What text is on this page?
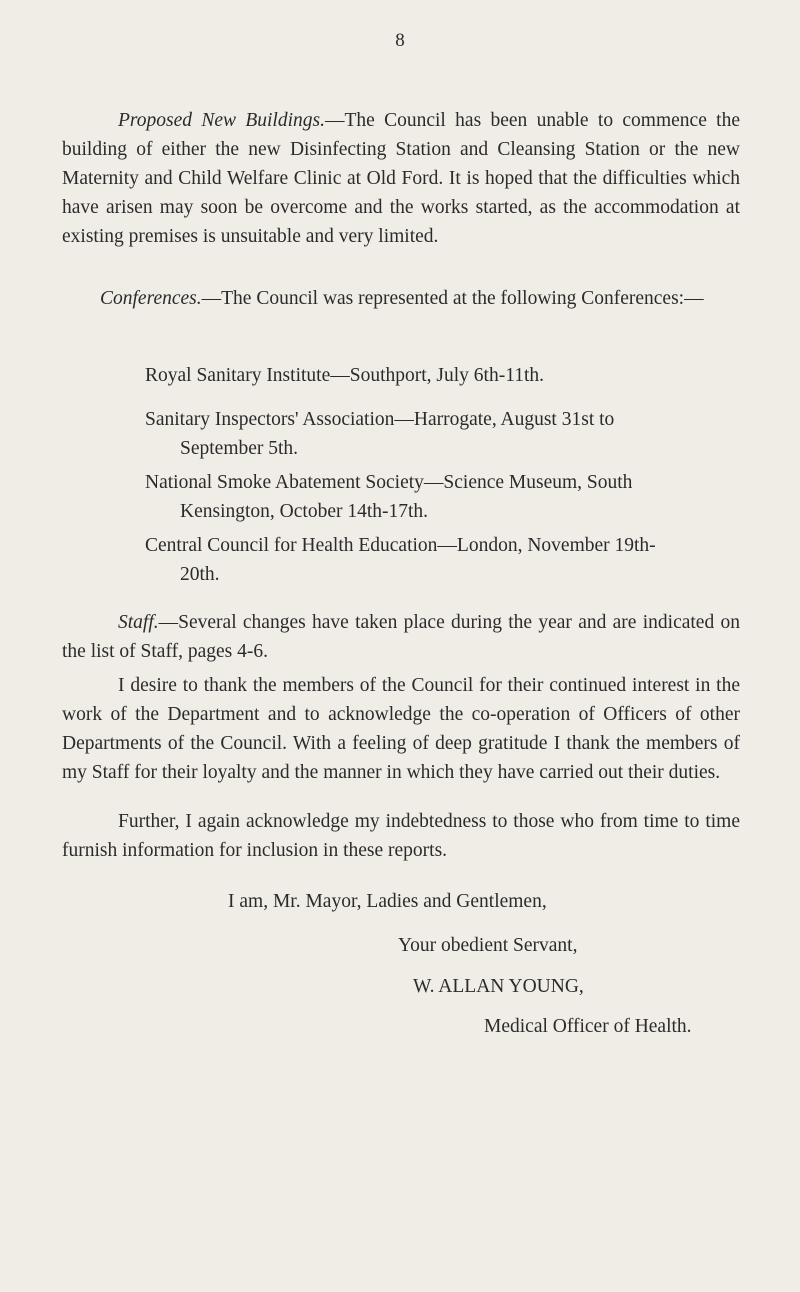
8
Proposed New Buildings.—The Council has been unable to commence the building of either the new Disinfecting Station and Cleansing Station or the new Maternity and Child Welfare Clinic at Old Ford. It is hoped that the difficulties which have arisen may soon be overcome and the works started, as the accommodation at existing premises is unsuitable and very limited.
Conferences.—The Council was represented at the following Conferences:—
Royal Sanitary Institute—Southport, July 6th-11th.
Sanitary Inspectors' Association—Harrogate, August 31st to
September 5th.
National Smoke Abatement Society—Science Museum, South
Kensington, October 14th-17th.
Central Council for Health Education—London, November 19th-
20th.
Staff.—Several changes have taken place during the year and are indicated on the list of Staff, pages 4-6.
I desire to thank the members of the Council for their continued interest in the work of the Department and to acknowledge the co-operation of Officers of other Departments of the Council. With a feeling of deep gratitude I thank the members of my Staff for their loyalty and the manner in which they have carried out their duties.
Further, I again acknowledge my indebtedness to those who from time to time furnish information for inclusion in these reports.
I am, Mr. Mayor, Ladies and Gentlemen,
Your obedient Servant,
W. ALLAN YOUNG,
Medical Officer of Health.
